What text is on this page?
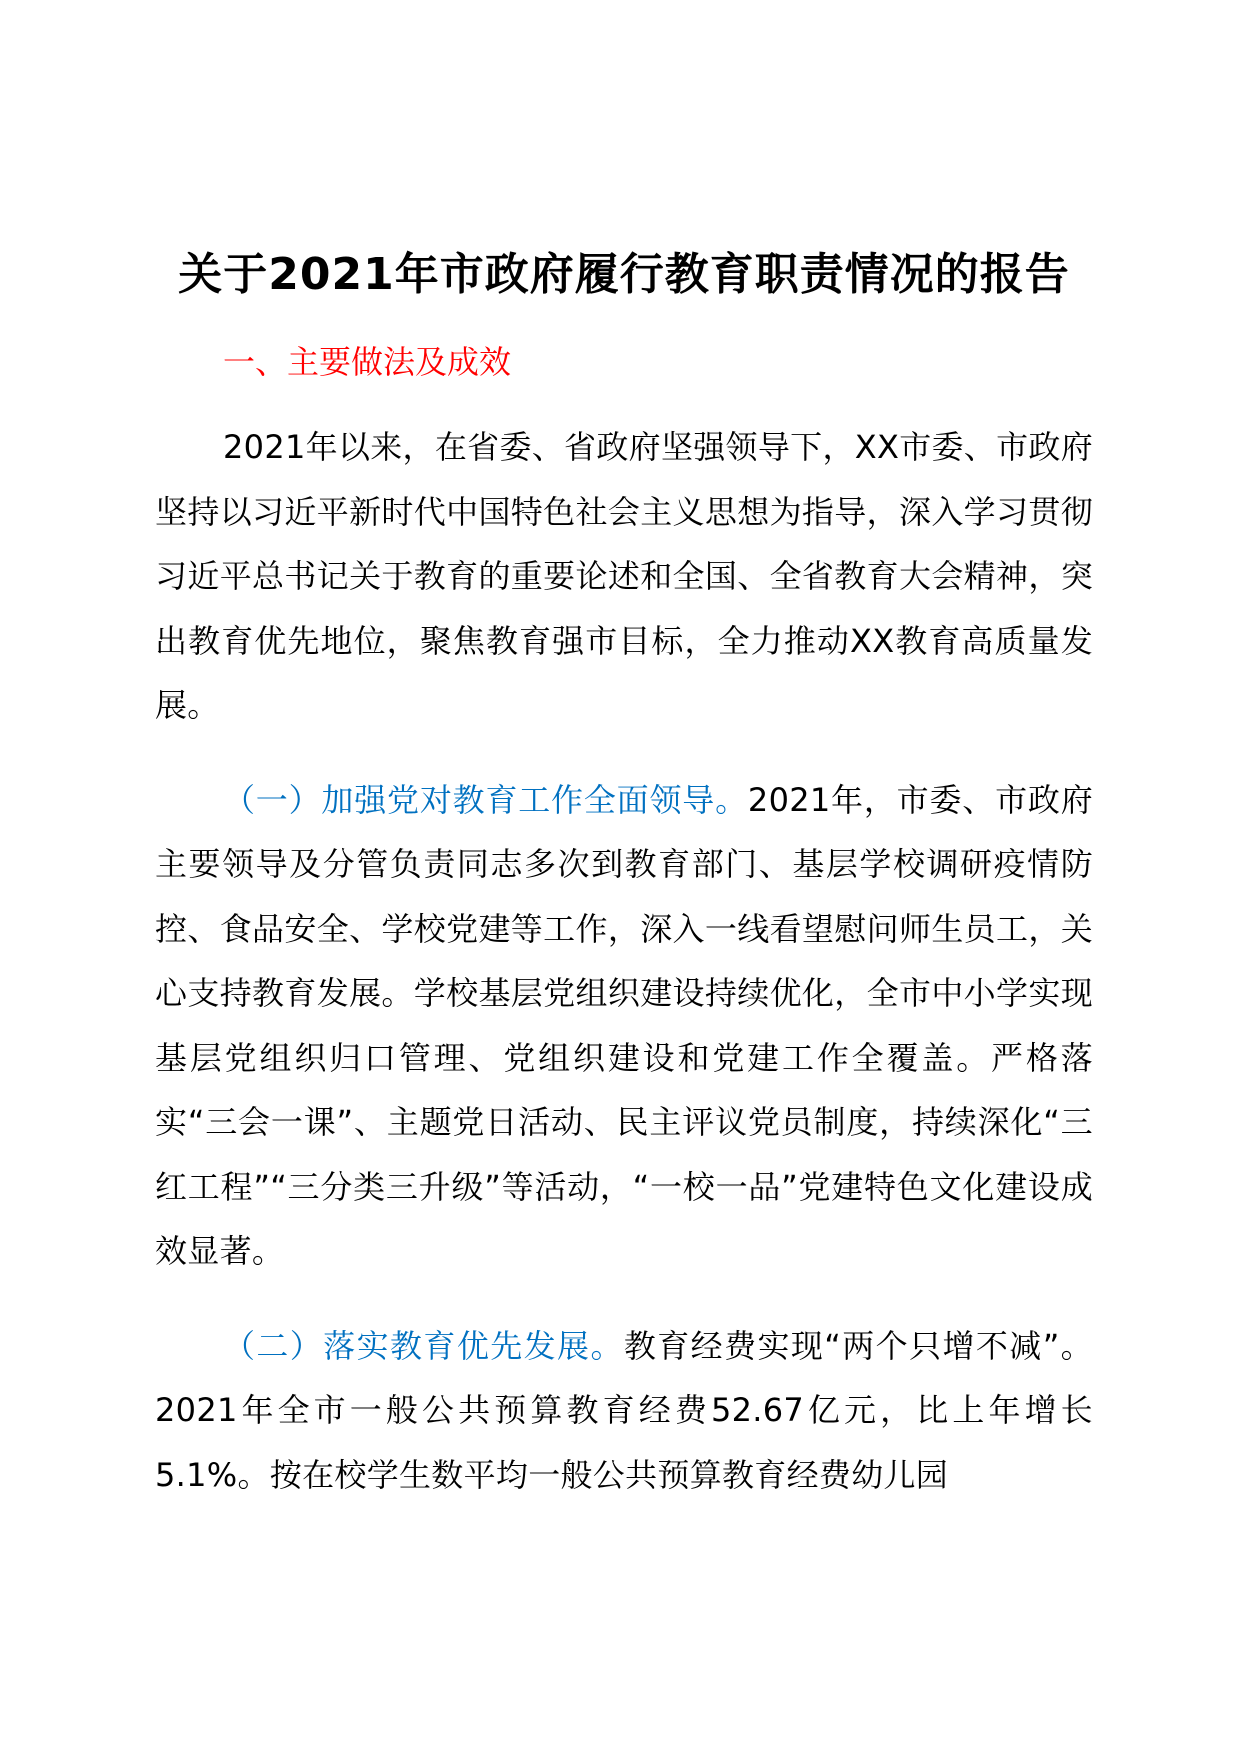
关于2021年市政府履行教育职责情况的报告

一、主要做法及成效

2021年以来，在省委、省政府坚强领导下，XX市委、市政府坚持以习近平新时代中国特色社会主义思想为指导，深入学习贯彻习近平总书记关于教育的重要论述和全国、全省教育大会精神，突出教育优先地位，聚焦教育强市目标，全力推动XX教育高质量发展。

（一）加强党对教育工作全面领导。2021年，市委、市政府主要领导及分管负责同志多次到教育部门、基层学校调研疫情防控、食品安全、学校党建等工作，深入一线看望慰问师生员工，关心支持教育发展。学校基层党组织建设持续优化，全市中小学实现基层党组织归口管理、党组织建设和党建工作全覆盖。严格落实“三会一课”、主题党日活动、民主评议党员制度，持续深化“三红工程”“三分类三升级”等活动，“一校一品”党建特色文化建设成效显著。

（二）落实教育优先发展。教育经费实现“两个只增不减”。2021年全市一般公共预算教育经费52.67亿元，比上年增长5.1%。按在校学生数平均一般公共预算教育经费幼儿园
